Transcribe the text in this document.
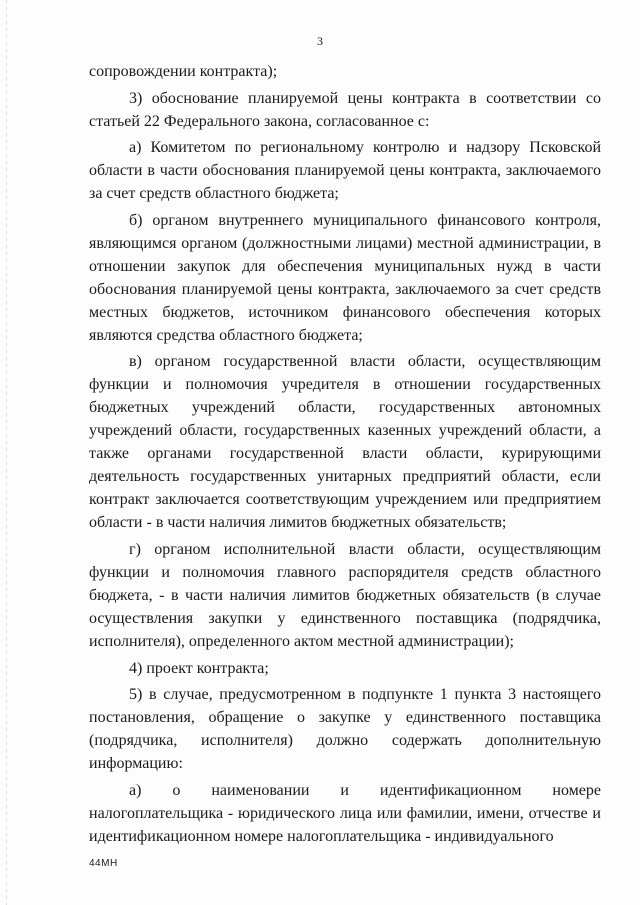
3

сопровождении контракта);

3) обоснование планируемой цены контракта в соответствии со статьей 22 Федерального закона, согласованное с:

а) Комитетом по региональному контролю и надзору Псковской области в части обоснования планируемой цены контракта, заключаемого за счет средств областного бюджета;

б) органом внутреннего муниципального финансового контроля, являющимся органом (должностными лицами) местной администрации, в отношении закупок для обеспечения муниципальных нужд в части обоснования планируемой цены контракта, заключаемого за счет средств местных бюджетов, источником финансового обеспечения которых являются средства областного бюджета;

в) органом государственной власти области, осуществляющим функции и полномочия учредителя в отношении государственных бюджетных учреждений области, государственных автономных учреждений области, государственных казенных учреждений области, а также органами государственной власти области, курирующими деятельность государственных унитарных предприятий области, если контракт заключается соответствующим учреждением или предприятием области - в части наличия лимитов бюджетных обязательств;

г) органом исполнительной власти области, осуществляющим функции и полномочия главного распорядителя средств областного бюджета, - в части наличия лимитов бюджетных обязательств (в случае осуществления закупки у единственного поставщика (подрядчика, исполнителя), определенного актом местной администрации);

4) проект контракта;

5) в случае, предусмотренном в подпункте 1 пункта 3 настоящего постановления, обращение о закупке у единственного поставщика (подрядчика, исполнителя) должно содержать дополнительную информацию:

а) о наименовании и идентификационном номере налогоплательщика - юридического лица или фамилии, имени, отчестве и идентификационном номере налогоплательщика - индивидуального

44МН
